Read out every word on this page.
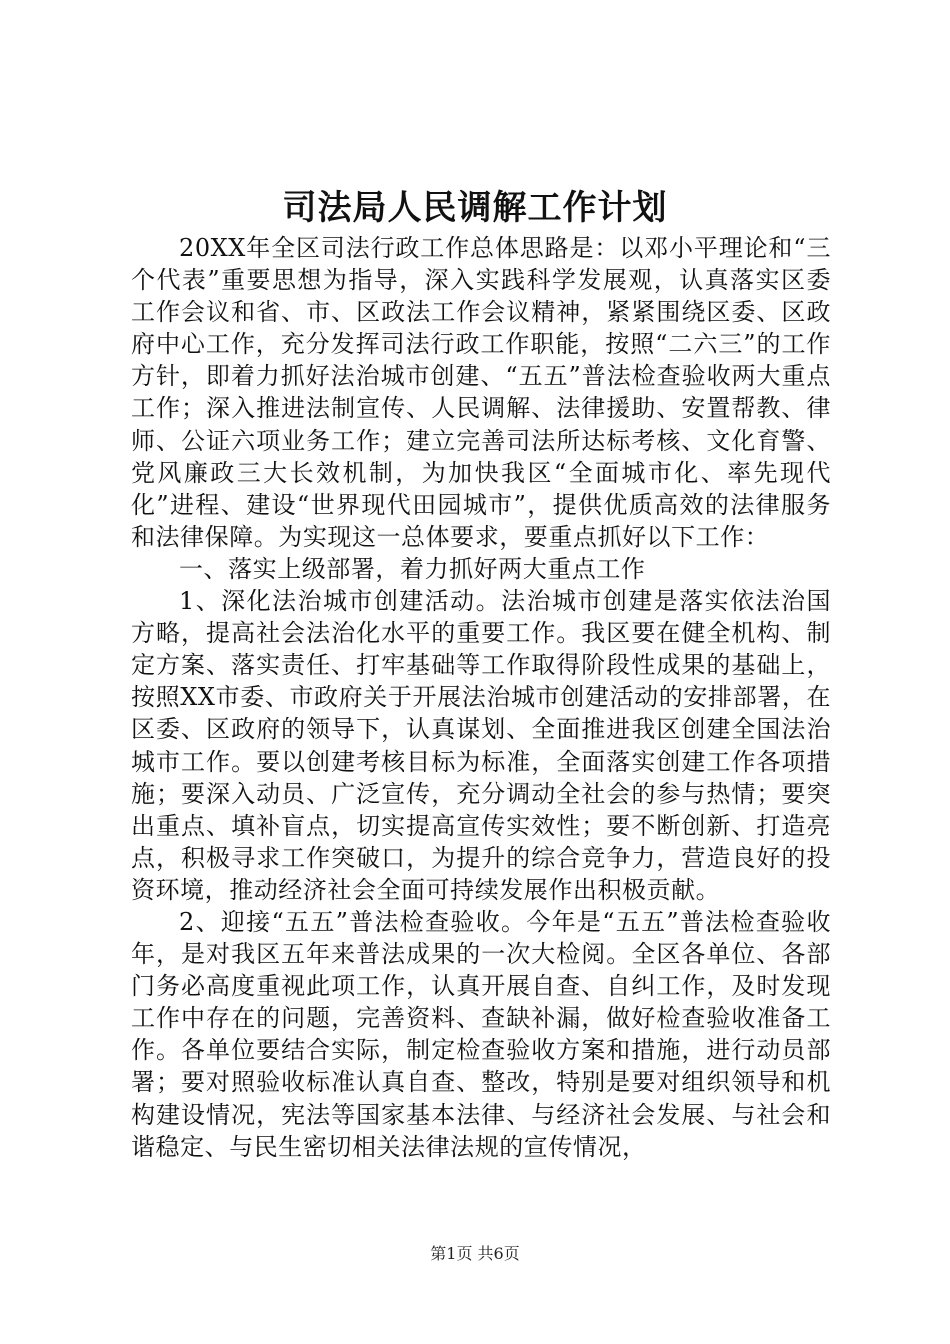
司法局人民调解工作计划

20XX年全区司法行政工作总体思路是：以邓小平理论和“三个代表”重要思想为指导，深入实践科学发展观，认真落实区委工作会议和省、市、区政法工作会议精神，紧紧围绕区委、区政府中心工作，充分发挥司法行政工作职能，按照“二六三”的工作方针，即着力抓好法治城市创建、“五五”普法检查验收两大重点工作；深入推进法制宣传、人民调解、法律援助、安置帮教、律师、公证六项业务工作；建立完善司法所达标考核、文化育警、党风廉政三大长效机制，为加快我区“全面城市化、率先现代化”进程、建设“世界现代田园城市”，提供优质高效的法律服务和法律保障。为实现这一总体要求，要重点抓好以下工作：

一、落实上级部署，着力抓好两大重点工作

1、深化法治城市创建活动。法治城市创建是落实依法治国方略，提高社会法治化水平的重要工作。我区要在健全机构、制定方案、落实责任、打牢基础等工作取得阶段性成果的基础上，按照XX市委、市政府关于开展法治城市创建活动的安排部署，在区委、区政府的领导下，认真谋划、全面推进我区创建全国法治城市工作。要以创建考核目标为标准，全面落实创建工作各项措施；要深入动员、广泛宣传，充分调动全社会的参与热情；要突出重点、填补盲点，切实提高宣传实效性；要不断创新、打造亮点，积极寻求工作突破口，为提升的综合竞争力，营造良好的投资环境，推动经济社会全面可持续发展作出积极贡献。

2、迎接“五五”普法检查验收。今年是“五五”普法检查验收年，是对我区五年来普法成果的一次大检阅。全区各单位、各部门务必高度重视此项工作，认真开展自查、自纠工作，及时发现工作中存在的问题，完善资料、查缺补漏，做好检查验收准备工作。各单位要结合实际，制定检查验收方案和措施，进行动员部署；要对照验收标准认真自查、整改，特别是要对组织领导和机构建设情况，宪法等国家基本法律、与经济社会发展、与社会和谐稳定、与民生密切相关法律法规的宣传情况，

第1页 共6页
